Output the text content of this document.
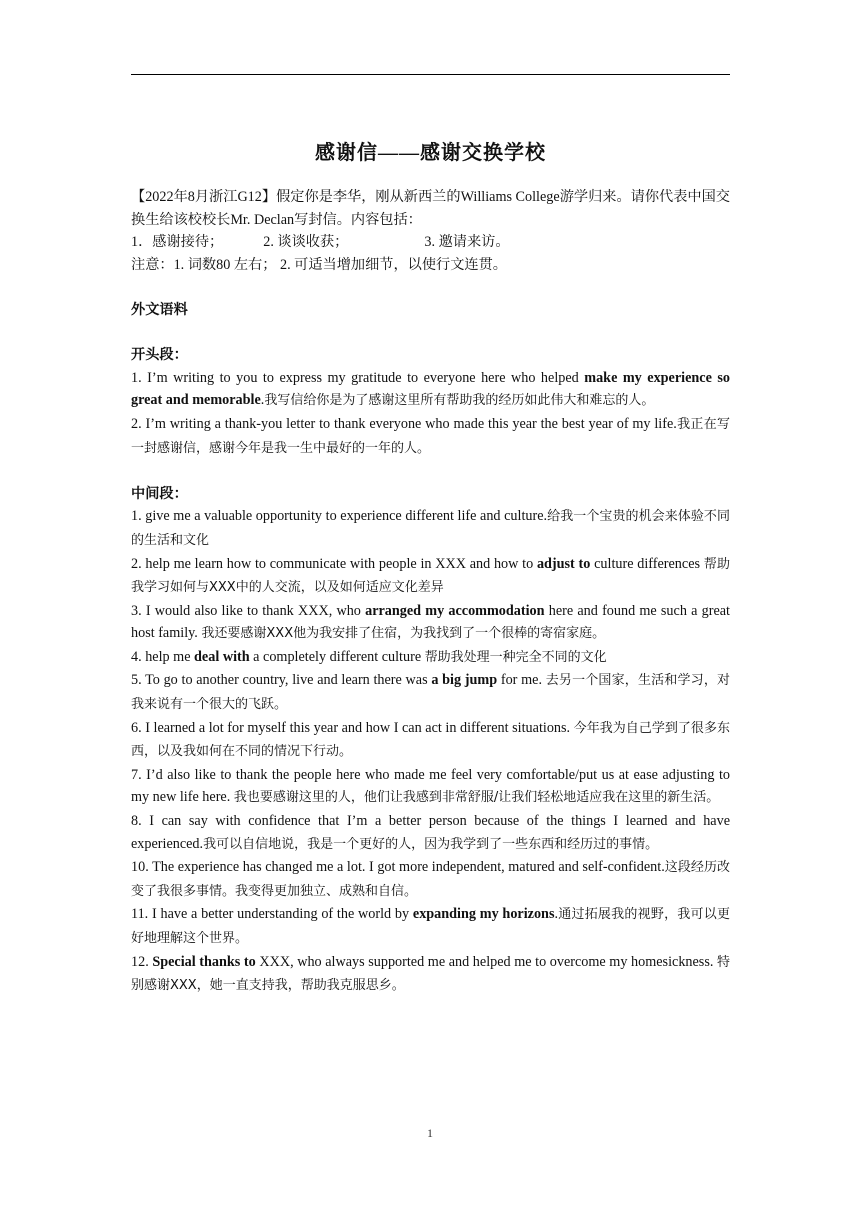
感谢信——感谢交换学校

【2022年8月浙江G12】假定你是李华，刚从新西兰的Williams College游学归来。请你代表中国交换生给该校校长Mr. Declan写封信。内容包括：

1．感谢接待；	2. 谈谈收获；	3. 邀请来访。

注意：1. 词数80 左右； 2. 可适当增加细节，以使行文连贯。

外文语料

开头段：

1. I’m writing to you to express my gratitude to everyone here who helped make my experience so great and memorable.我写信给你是为了感谢这里所有帮助我的经历如此伟大和难忘的人。

2. I’m writing a thank-you letter to thank everyone who made this year the best year of my life.我正在写一封感谢信，感谢今年是我一生中最好的一年的人。

中间段：

1. give me a valuable opportunity to experience different life and culture.给我一个宝贵的机会来体验不同的生活和文化

2. help me learn how to communicate with people in XXX and how to adjust to culture differences 帮助我学习如何与XXX中的人交流，以及如何适应文化差异

3. I would also like to thank XXX, who arranged my accommodation here and found me such a great host family. 我还要感谢XXX他为我安排了住宿，为我找到了一个很棒的寄宿家庭。

4. help me deal with a completely different culture 帮助我处理一种完全不同的文化

5. To go to another country, live and learn there was a big jump for me. 去另一个国家，生活和学习，对我来说有一个很大的飞跃。

6. I learned a lot for myself this year and how I can act in different situations. 今年我为自己学到了很多东西，以及我如何在不同的情况下行动。

7. I’d also like to thank the people here who made me feel very comfortable/put us at ease adjusting to my new life here. 我也要感谢这里的人，他们让我感到非常舒服/让我们轻松地适应我在这里的新生活。

8. I can say with confidence that I’m a better person because of the things I learned and have experienced.我可以自信地说，我是一个更好的人，因为我学到了一些东西和经历过的事情。

10. The experience has changed me a lot. I got more independent, matured and self-confident.这段经历改变了我很多事情。我变得更加独立、成熟和自信。

11. I have a better understanding of the world by expanding my horizons.通过拓展我的视野，我可以更好地理解这个世界。

12. Special thanks to XXX, who always supported me and helped me to overcome my homesickness. 特别感谢XXX，她一直支持我，帮助我克服思乡。

1
